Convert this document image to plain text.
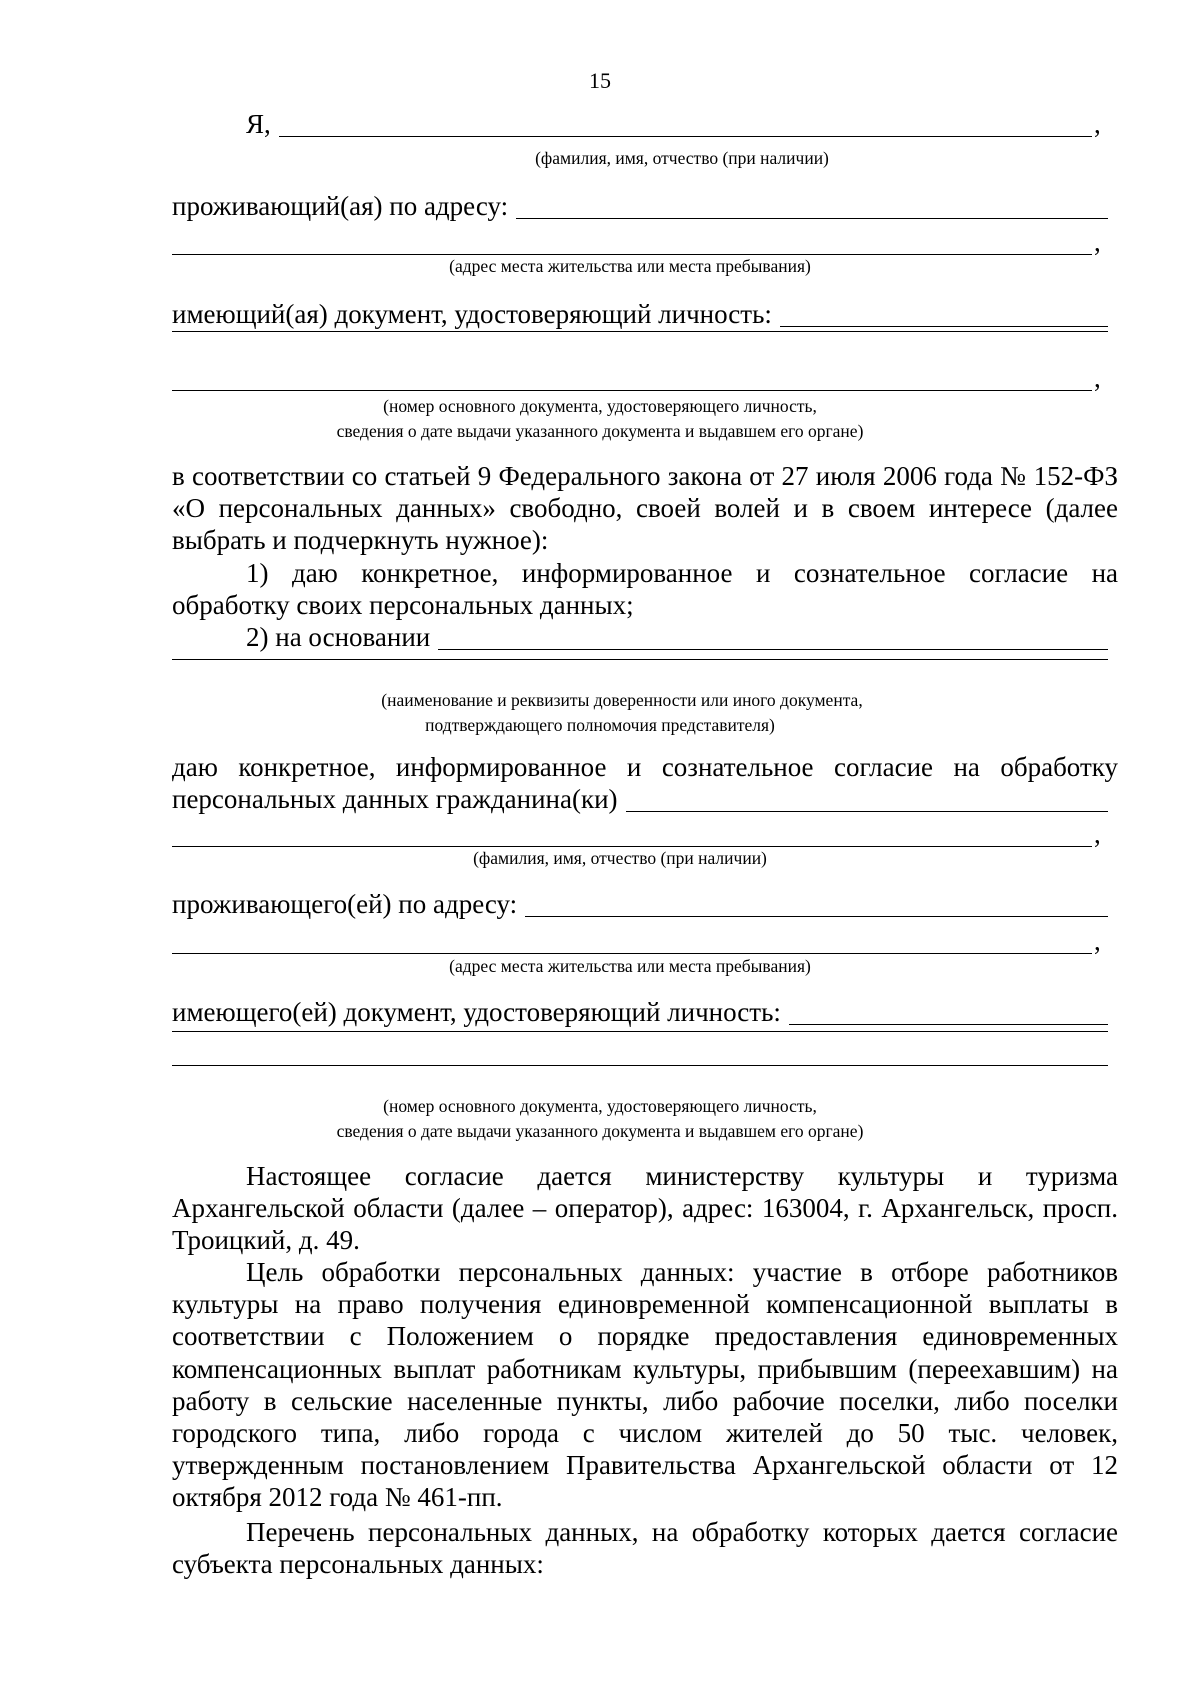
15
Я,	,
(фамилия, имя, отчество (при наличии)
проживающий(ая) по адресу:
,
(адрес места жительства или места пребывания)
имеющий(ая) документ, удостоверяющий личность:
,
(номер основного документа, удостоверяющего личность,
сведения о дате выдачи указанного документа и выдавшем его органе)
в соответствии со статьей 9 Федерального закона от 27 июля 2006 года № 152-ФЗ «О персональных данных» свободно, своей волей и в своем интересе (далее выбрать и подчеркнуть нужное):
1) даю конкретное, информированное и сознательное согласие на обработку своих персональных данных;
2) на основании
(наименование и реквизиты доверенности или иного документа,
подтверждающего полномочия представителя)
даю конкретное, информированное и сознательное согласие на обработку
персональных данных гражданина(ки)
,
(фамилия, имя, отчество (при наличии)
проживающего(ей) по адресу:
,
(адрес места жительства или места пребывания)
имеющего(ей) документ, удостоверяющий личность:
(номер основного документа, удостоверяющего личность,
сведения о дате выдачи указанного документа и выдавшем его органе)
Настоящее согласие дается министерству культуры и туризма Архангельской области (далее – оператор), адрес: 163004, г. Архангельск, просп. Троицкий, д. 49.
Цель обработки персональных данных: участие в отборе работников культуры на право получения единовременной компенсационной выплаты в соответствии с Положением о порядке предоставления единовременных компенсационных выплат работникам культуры, прибывшим (переехавшим) на работу в сельские населенные пункты, либо рабочие поселки, либо поселки городского типа, либо города с числом жителей до 50 тыс. человек, утвержденным постановлением Правительства Архангельской области от 12 октября 2012 года № 461-пп.
Перечень персональных данных, на обработку которых дается согласие субъекта персональных данных:
